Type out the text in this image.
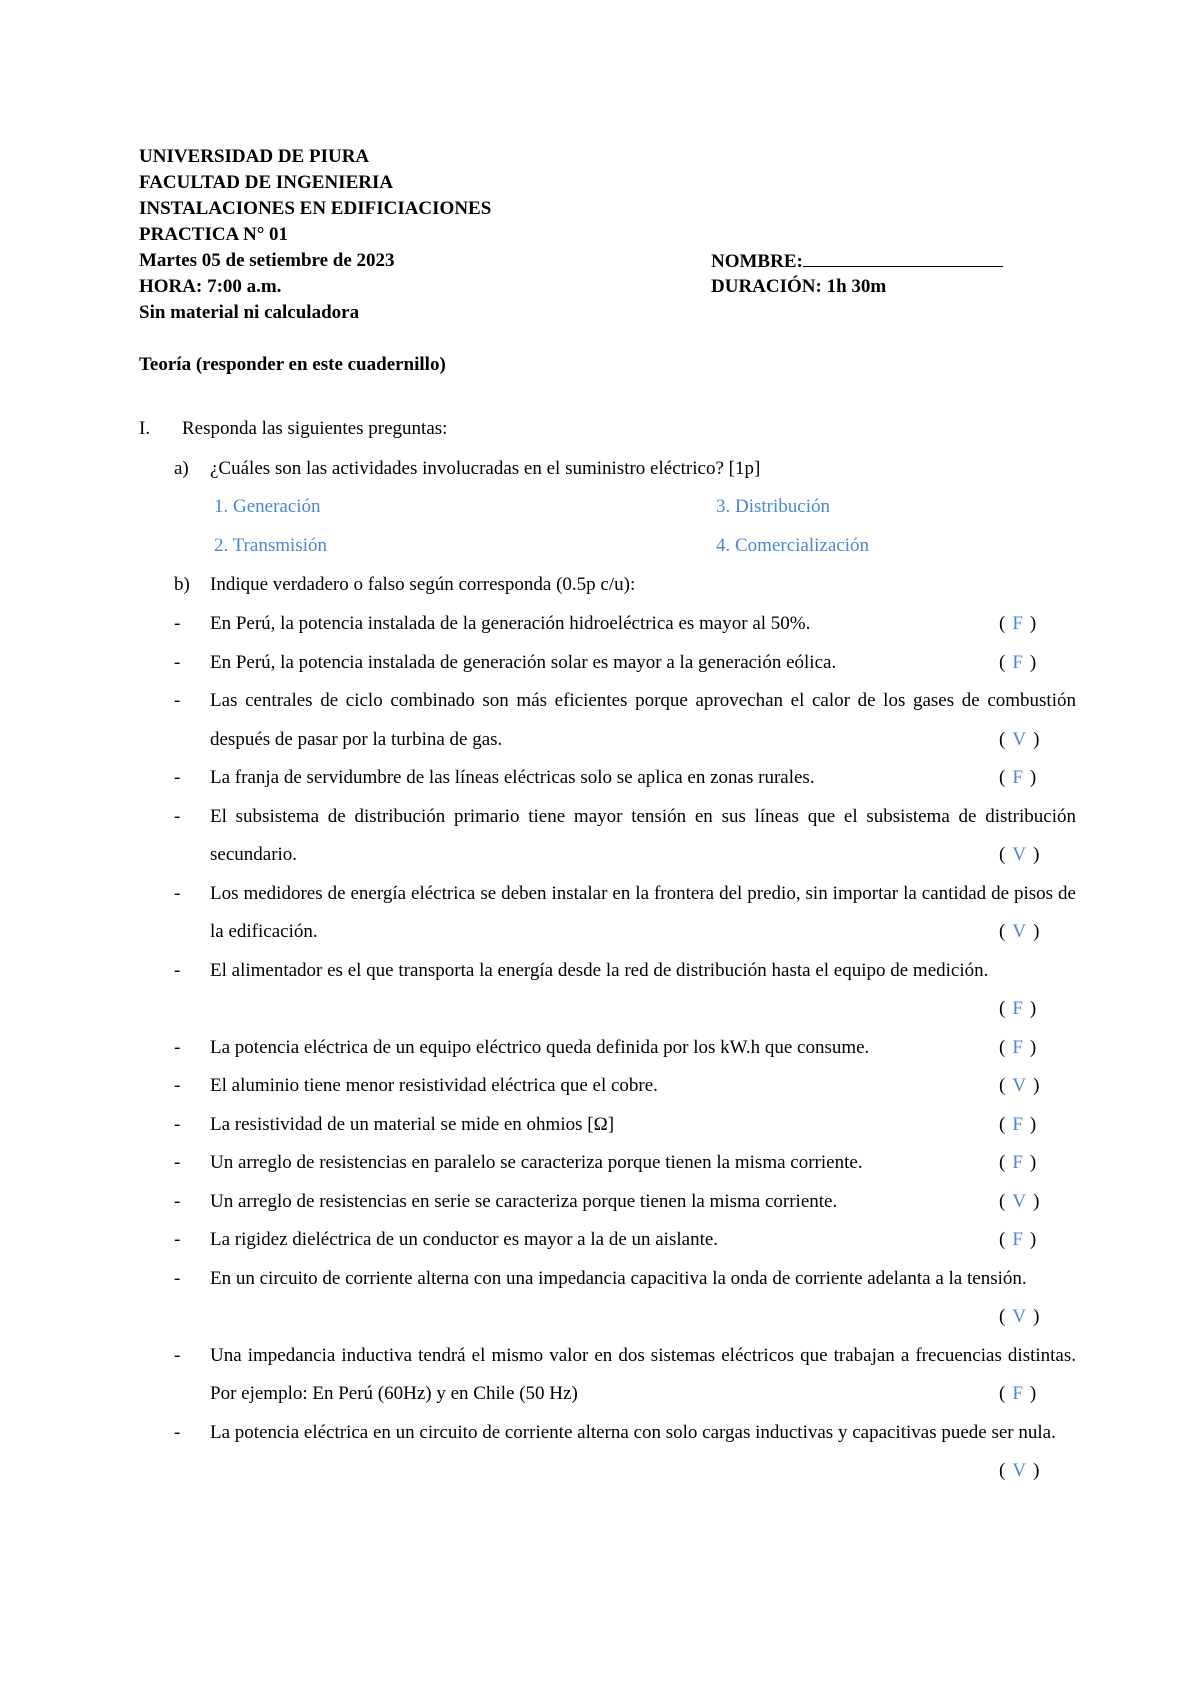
UNIVERSIDAD DE PIURA
FACULTAD DE INGENIERIA
INSTALACIONES EN EDIFICIACIONES
PRACTICA N° 01
Martes 05 de setiembre de 2023	NOMBRE:
HORA: 7:00 a.m.	DURACIÓN: 1h 30m
Sin material ni calculadora
Teoría (responder en este cuadernillo)
I. Responda las siguientes preguntas:
a) ¿Cuáles son las actividades involucradas en el suministro eléctrico? [1p]
1. Generación	3. Distribución
2. Transmisión	4. Comercialización
b) Indique verdadero o falso según corresponda (0.5p c/u):
- En Perú, la potencia instalada de la generación hidroeléctrica es mayor al 50%.	( F )
- En Perú, la potencia instalada de generación solar es mayor a la generación eólica.	( F )
- Las centrales de ciclo combinado son más eficientes porque aprovechan el calor de los gases de combustión después de pasar por la turbina de gas.	( V )
- La franja de servidumbre de las líneas eléctricas solo se aplica en zonas rurales.	( F )
- El subsistema de distribución primario tiene mayor tensión en sus líneas que el subsistema de distribución secundario.	( V )
- Los medidores de energía eléctrica se deben instalar en la frontera del predio, sin importar la cantidad de pisos de la edificación.	( V )
- El alimentador es el que transporta la energía desde la red de distribución hasta el equipo de medición.
( F )
- La potencia eléctrica de un equipo eléctrico queda definida por los kW.h que consume.	( F )
- El aluminio tiene menor resistividad eléctrica que el cobre.	( V )
- La resistividad de un material se mide en ohmios [Ω]	( F )
- Un arreglo de resistencias en paralelo se caracteriza porque tienen la misma corriente.	( F )
- Un arreglo de resistencias en serie se caracteriza porque tienen la misma corriente.	( V )
- La rigidez dieléctrica de un conductor es mayor a la de un aislante.	( F )
- En un circuito de corriente alterna con una impedancia capacitiva la onda de corriente adelanta a la tensión.
( V )
- Una impedancia inductiva tendrá el mismo valor en dos sistemas eléctricos que trabajan a frecuencias distintas. Por ejemplo: En Perú (60Hz) y en Chile (50 Hz)	( F )
- La potencia eléctrica en un circuito de corriente alterna con solo cargas inductivas y capacitivas puede ser nula.
( V )
